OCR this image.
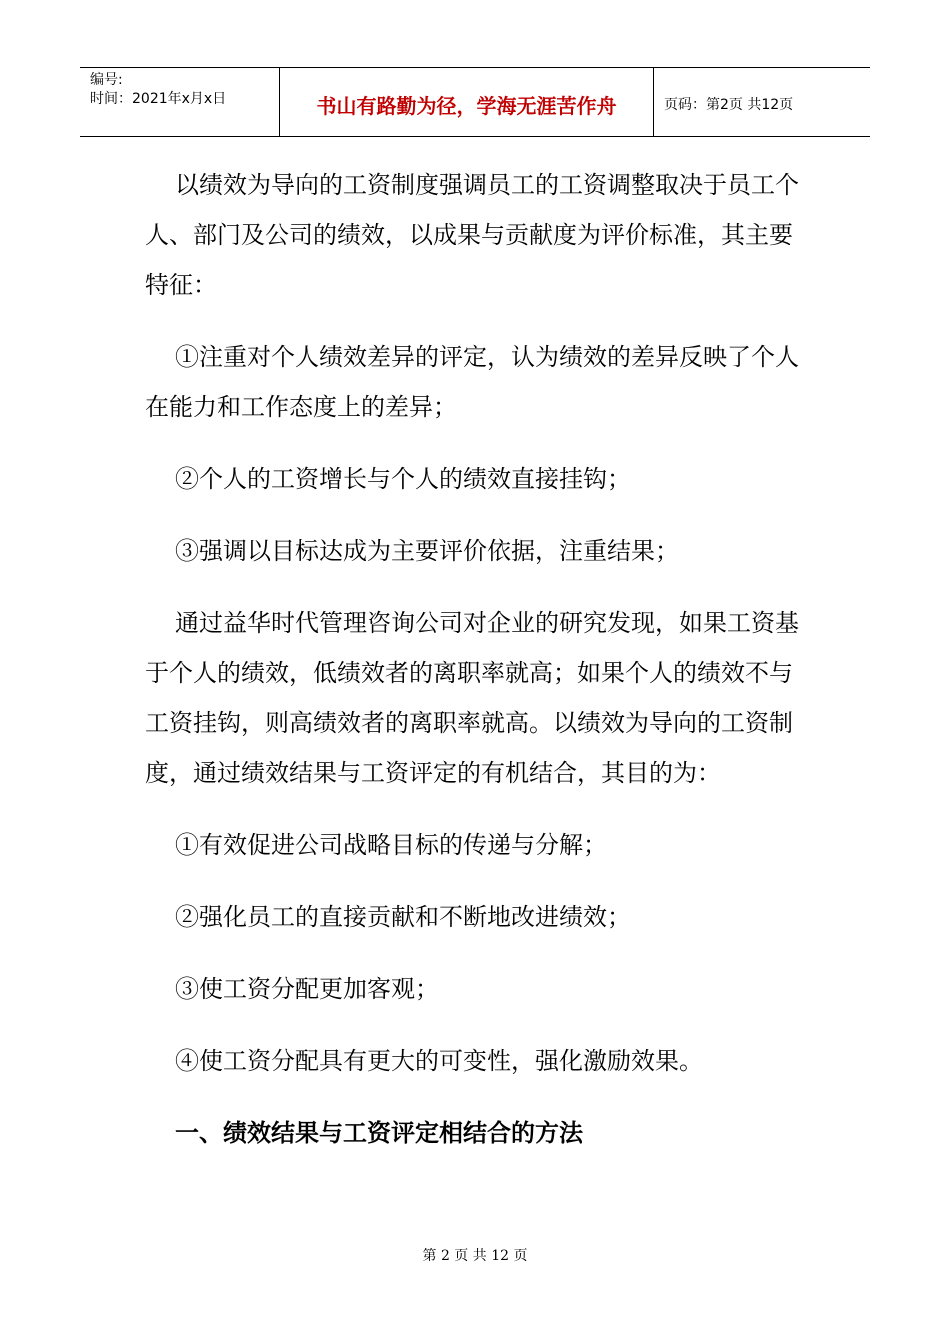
编号:
时间：2021年x月x日	书山有路勤为径，学海无涯苦作舟	页码：第2页 共12页

以绩效为导向的工资制度强调员工的工资调整取决于员工个人、部门及公司的绩效，以成果与贡献度为评价标准，其主要特征：

①注重对个人绩效差异的评定，认为绩效的差异反映了个人在能力和工作态度上的差异；

②个人的工资增长与个人的绩效直接挂钩；

③强调以目标达成为主要评价依据，注重结果；

通过益华时代管理咨询公司对企业的研究发现，如果工资基于个人的绩效，低绩效者的离职率就高；如果个人的绩效不与工资挂钩，则高绩效者的离职率就高。以绩效为导向的工资制度，通过绩效结果与工资评定的有机结合，其目的为：

①有效促进公司战略目标的传递与分解；

②强化员工的直接贡献和不断地改进绩效；

③使工资分配更加客观；

④使工资分配具有更大的可变性，强化激励效果。

一、绩效结果与工资评定相结合的方法

第 2 页 共 12 页
